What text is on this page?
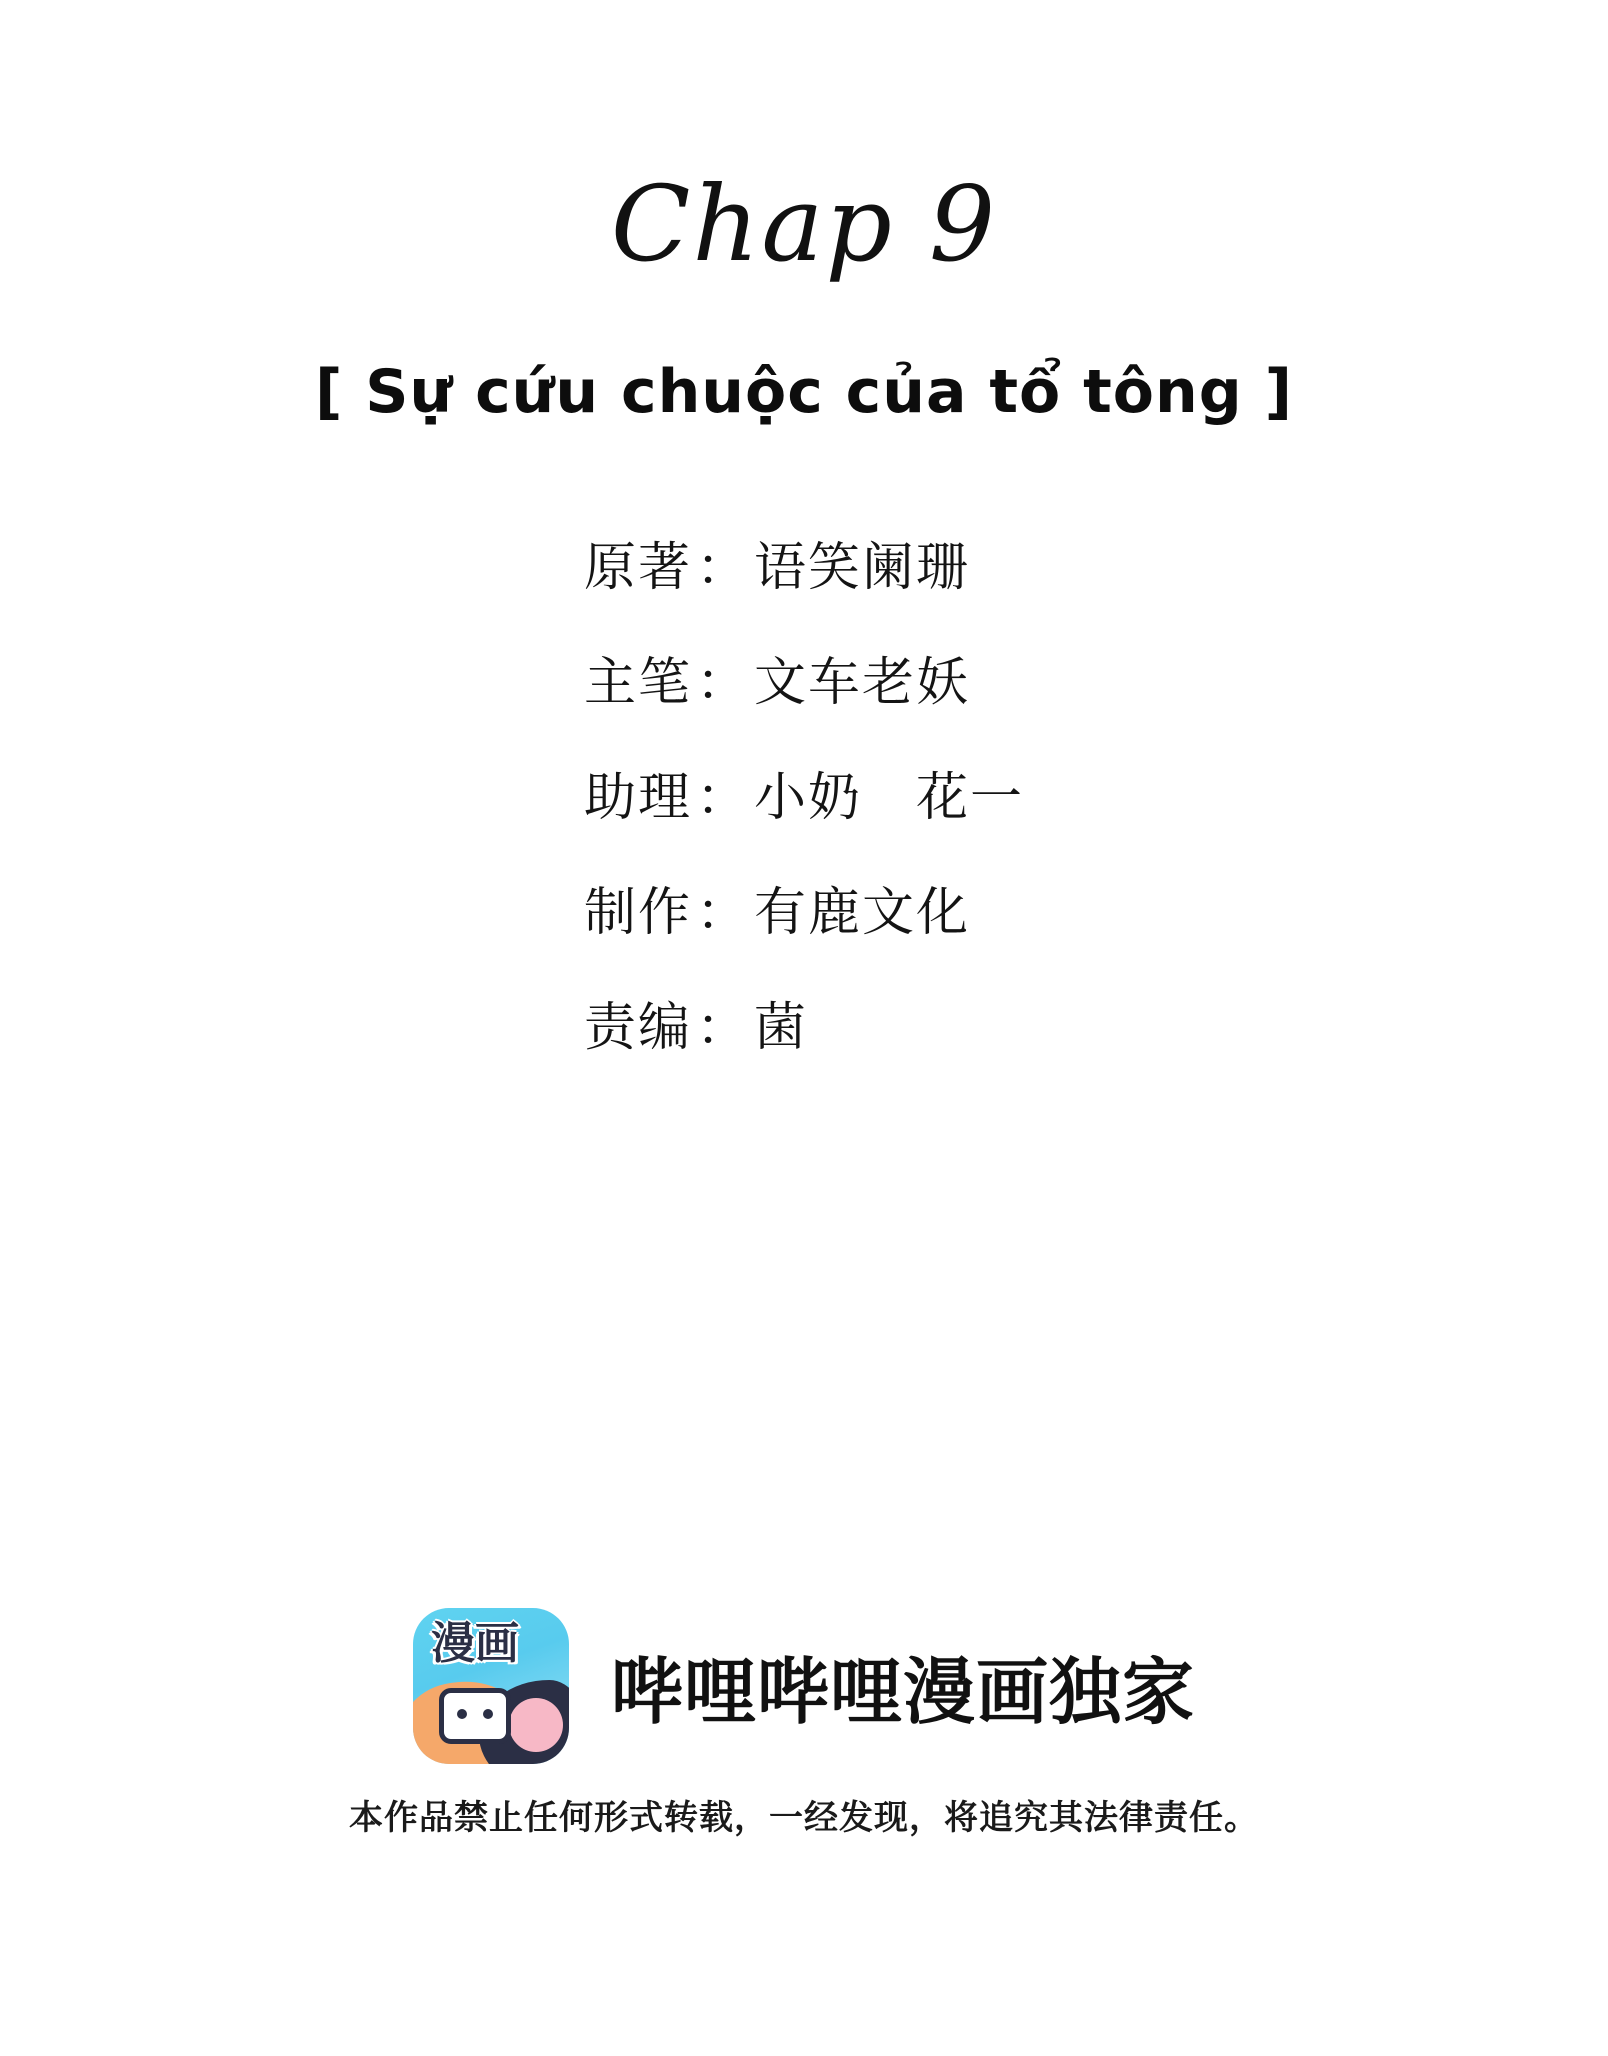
Chap 9
[ Sự cứu chuộc của tổ tông ]
原著 ： 语笑阑珊
主笔 ： 文车老妖
助理 ： 小奶　花一
制作 ： 有鹿文化
责编 ： 菌
漫画
哔哩哔哩漫画独家
本作品禁止任何形式转载，一经发现，将追究其法律责任。
